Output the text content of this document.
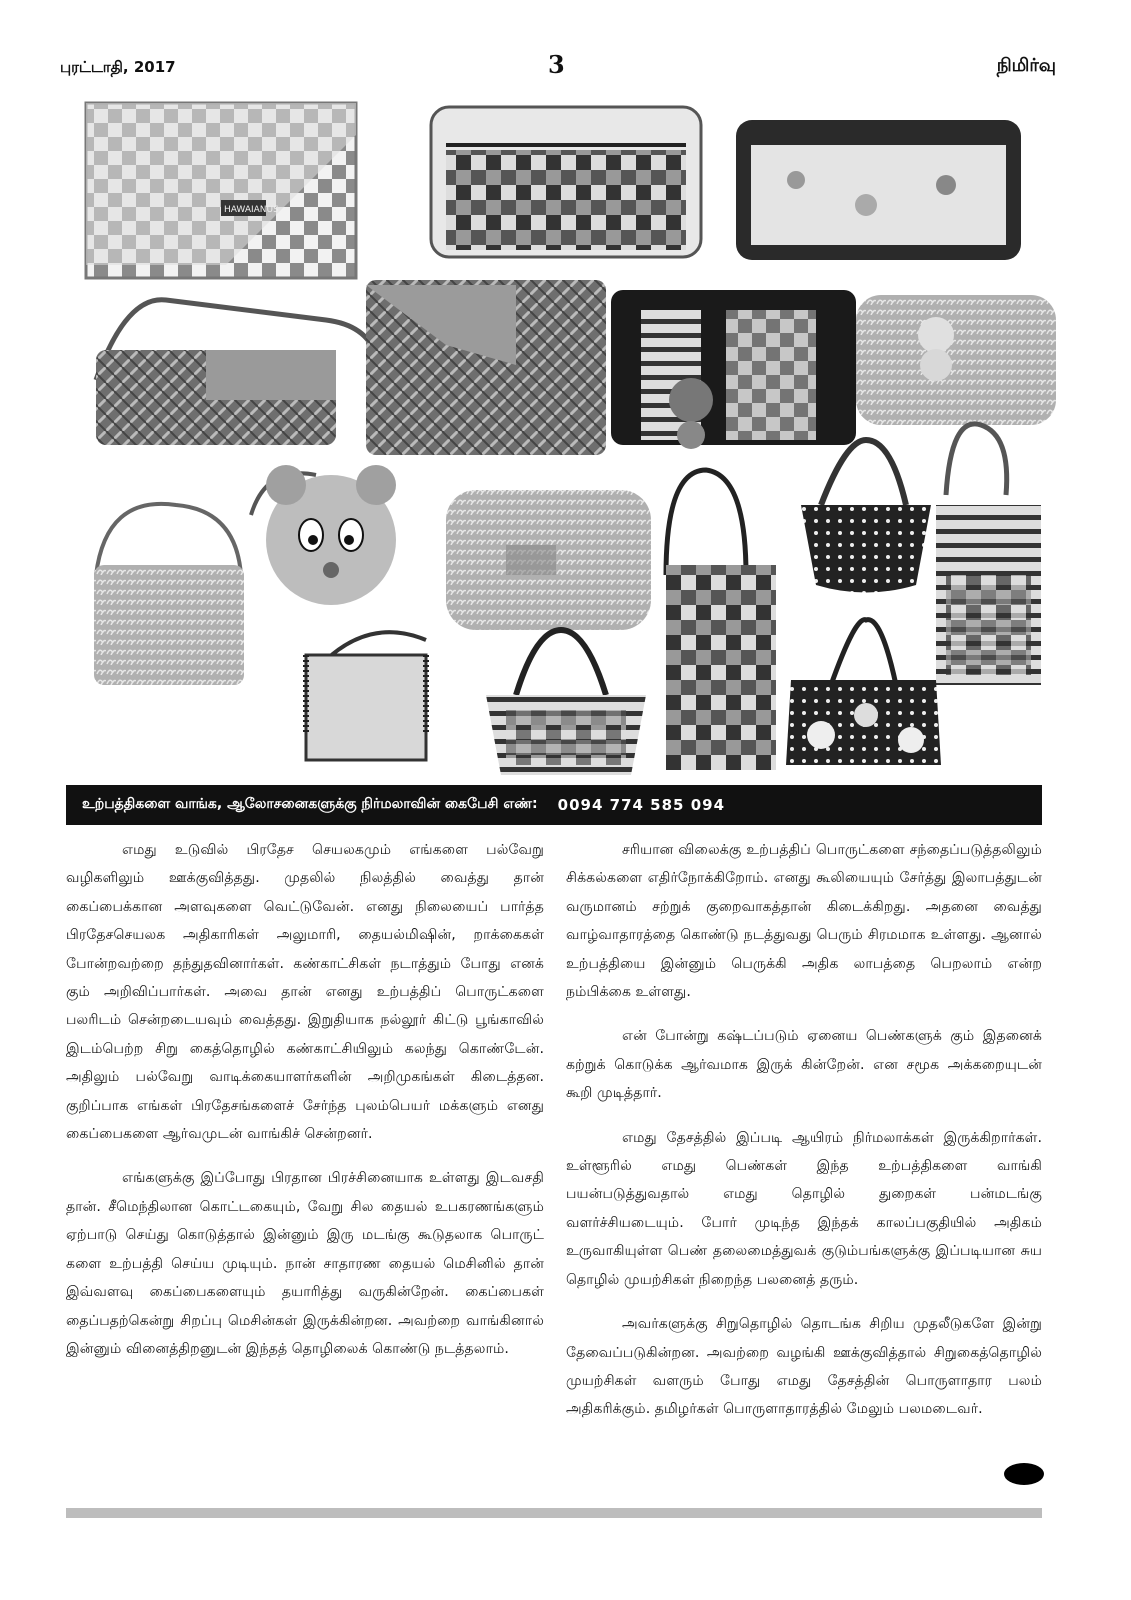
புரட்டாதி, 2017	3	நிமிர்வு
HAWAIANUS
உற்பத்திகளை வாங்க, ஆலோசனைகளுக்கு நிர்மலாவின் கைபேசி எண்: 0094 774 585 094

எமது உடுவில் பிரதேச செயலகமும் எங்களை பல்வேறு வழிகளிலும் ஊக்குவித்தது. முதலில் நிலத்தில் வைத்து தான் கைப்பைக்கான அளவுகளை வெட்டுவேன். எனது நிலையைப் பார்த்த பிரதேசசெயலக அதிகாரிகள் அலுமாரி, தையல்மிஷின், றாக்கைகள் போன்றவற்றை தந்துதவினார்கள். கண்காட்சிகள் நடாத்தும் போது எனக் கும் அறிவிப்பார்கள். அவை தான் எனது உற்பத்திப் பொருட்களை பலரிடம் சென்றடையவும் வைத்தது. இறுதியாக நல்லூர் கிட்டு பூங்காவில் இடம்பெற்ற சிறு கைத்தொழில் கண்காட்சியிலும் கலந்து கொண்டேன். அதிலும் பல்வேறு வாடிக்கையாளர்களின் அறிமுகங்கள் கிடைத்தன. குறிப்பாக எங்கள் பிரதேசங்களைச் சேர்ந்த புலம்பெயர் மக்களும் எனது கைப்பைகளை ஆர்வமுடன் வாங்கிச் சென்றனர்.

எங்களுக்கு இப்போது பிரதான பிரச்சினையாக உள்ளது இடவசதி தான். சீமெந்திலான கொட்டகையும், வேறு சில தையல் உபகரணங்களும் ஏற்பாடு செய்து கொடுத்தால் இன்னும் இரு மடங்கு கூடுதலாக பொருட் களை உற்பத்தி செய்ய முடியும். நான் சாதாரண தையல் மெசினில் தான் இவ்வளவு கைப்பைகளையும் தயாரித்து வருகின்றேன். கைப்பைகள் தைப்பதற்கென்று சிறப்பு மெசின்கள் இருக்கின்றன. அவற்றை வாங்கினால் இன்னும் வினைத்திறனுடன் இந்தத் தொழிலைக் கொண்டு நடத்தலாம்.

சரியான விலைக்கு உற்பத்திப் பொருட்களை சந்தைப்படுத்தலிலும் சிக்கல்களை எதிர்நோக்கிறோம். எனது கூலியையும் சேர்த்து இலாபத்துடன் வருமானம் சற்றுக் குறைவாகத்தான் கிடைக்கிறது. அதனை வைத்து வாழ்வாதாரத்தை கொண்டு நடத்துவது பெரும் சிரமமாக உள்ளது. ஆனால் உற்பத்தியை இன்னும் பெருக்கி அதிக லாபத்தை பெறலாம் என்ற நம்பிக்கை உள்ளது.

என் போன்று கஷ்டப்படும் ஏனைய பெண்களுக் கும் இதனைக் கற்றுக் கொடுக்க ஆர்வமாக இருக் கின்றேன். என சமூக அக்கறையுடன் கூறி முடித்தார்.

எமது தேசத்தில் இப்படி ஆயிரம் நிர்மலாக்கள் இருக்கிறார்கள். உள்ளூரில் எமது பெண்கள் இந்த உற்பத்திகளை வாங்கி பயன்படுத்துவதால் எமது தொழில் துறைகள் பன்மடங்கு வளர்ச்சியடையும். போர் முடிந்த இந்தக் காலப்பகுதியில் அதிகம் உருவாகியுள்ள பெண் தலைமைத்துவக் குடும்பங்களுக்கு இப்படியான சுய தொழில் முயற்சிகள் நிறைந்த பலனைத் தரும்.

அவர்களுக்கு சிறுதொழில் தொடங்க சிறிய முதலீடுகளே இன்று தேவைப்படுகின்றன. அவற்றை வழங்கி ஊக்குவித்தால் சிறுகைத்தொழில் முயற்சிகள் வளரும் போது எமது தேசத்தின் பொருளாதார பலம் அதிகரிக்கும். தமிழர்கள் பொருளாதாரத்தில் மேலும் பலமடைவர்.
